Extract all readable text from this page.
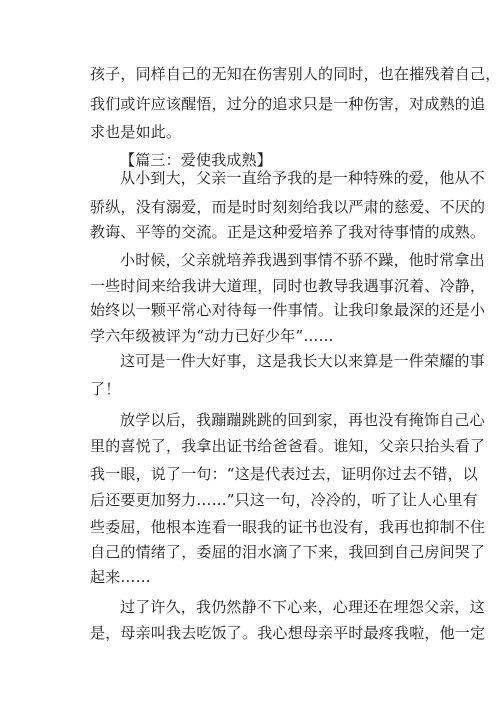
孩子，同样自己的无知在伤害别人的同时，也在摧残着自己，
我们或许应该醒悟，过分的追求只是一种伤害，对成熟的追
求也是如此。
【篇三：爱使我成熟】
从小到大，父亲一直给予我的是一种特殊的爱，他从不
骄纵，没有溺爱，而是时时刻刻给我以严肃的慈爱、不厌的
教诲、平等的交流。正是这种爱培养了我对待事情的成熟。
小时候，父亲就培养我遇到事情不骄不躁，他时常拿出
一些时间来给我讲大道理，同时也教导我遇事沉着、冷静，
始终以一颗平常心对待每一件事情。让我印象最深的还是小
学六年级被评为“动力已好少年”……
这可是一件大好事，这是我长大以来算是一件荣耀的事
了！
放学以后，我蹦蹦跳跳的回到家，再也没有掩饰自己心
里的喜悦了，我拿出证书给爸爸看。谁知，父亲只抬头看了
我一眼，说了一句：“这是代表过去，证明你过去不错，以
后还要更加努力……”只这一句，冷冷的，听了让人心里有
些委屈，他根本连看一眼我的证书也没有，我再也抑制不住
自己的情绪了，委屈的泪水滴了下来，我回到自己房间哭了
起来……
过了许久，我仍然静不下心来，心理还在埋怨父亲，这
是，母亲叫我去吃饭了。我心想母亲平时最疼我啦，他一定
